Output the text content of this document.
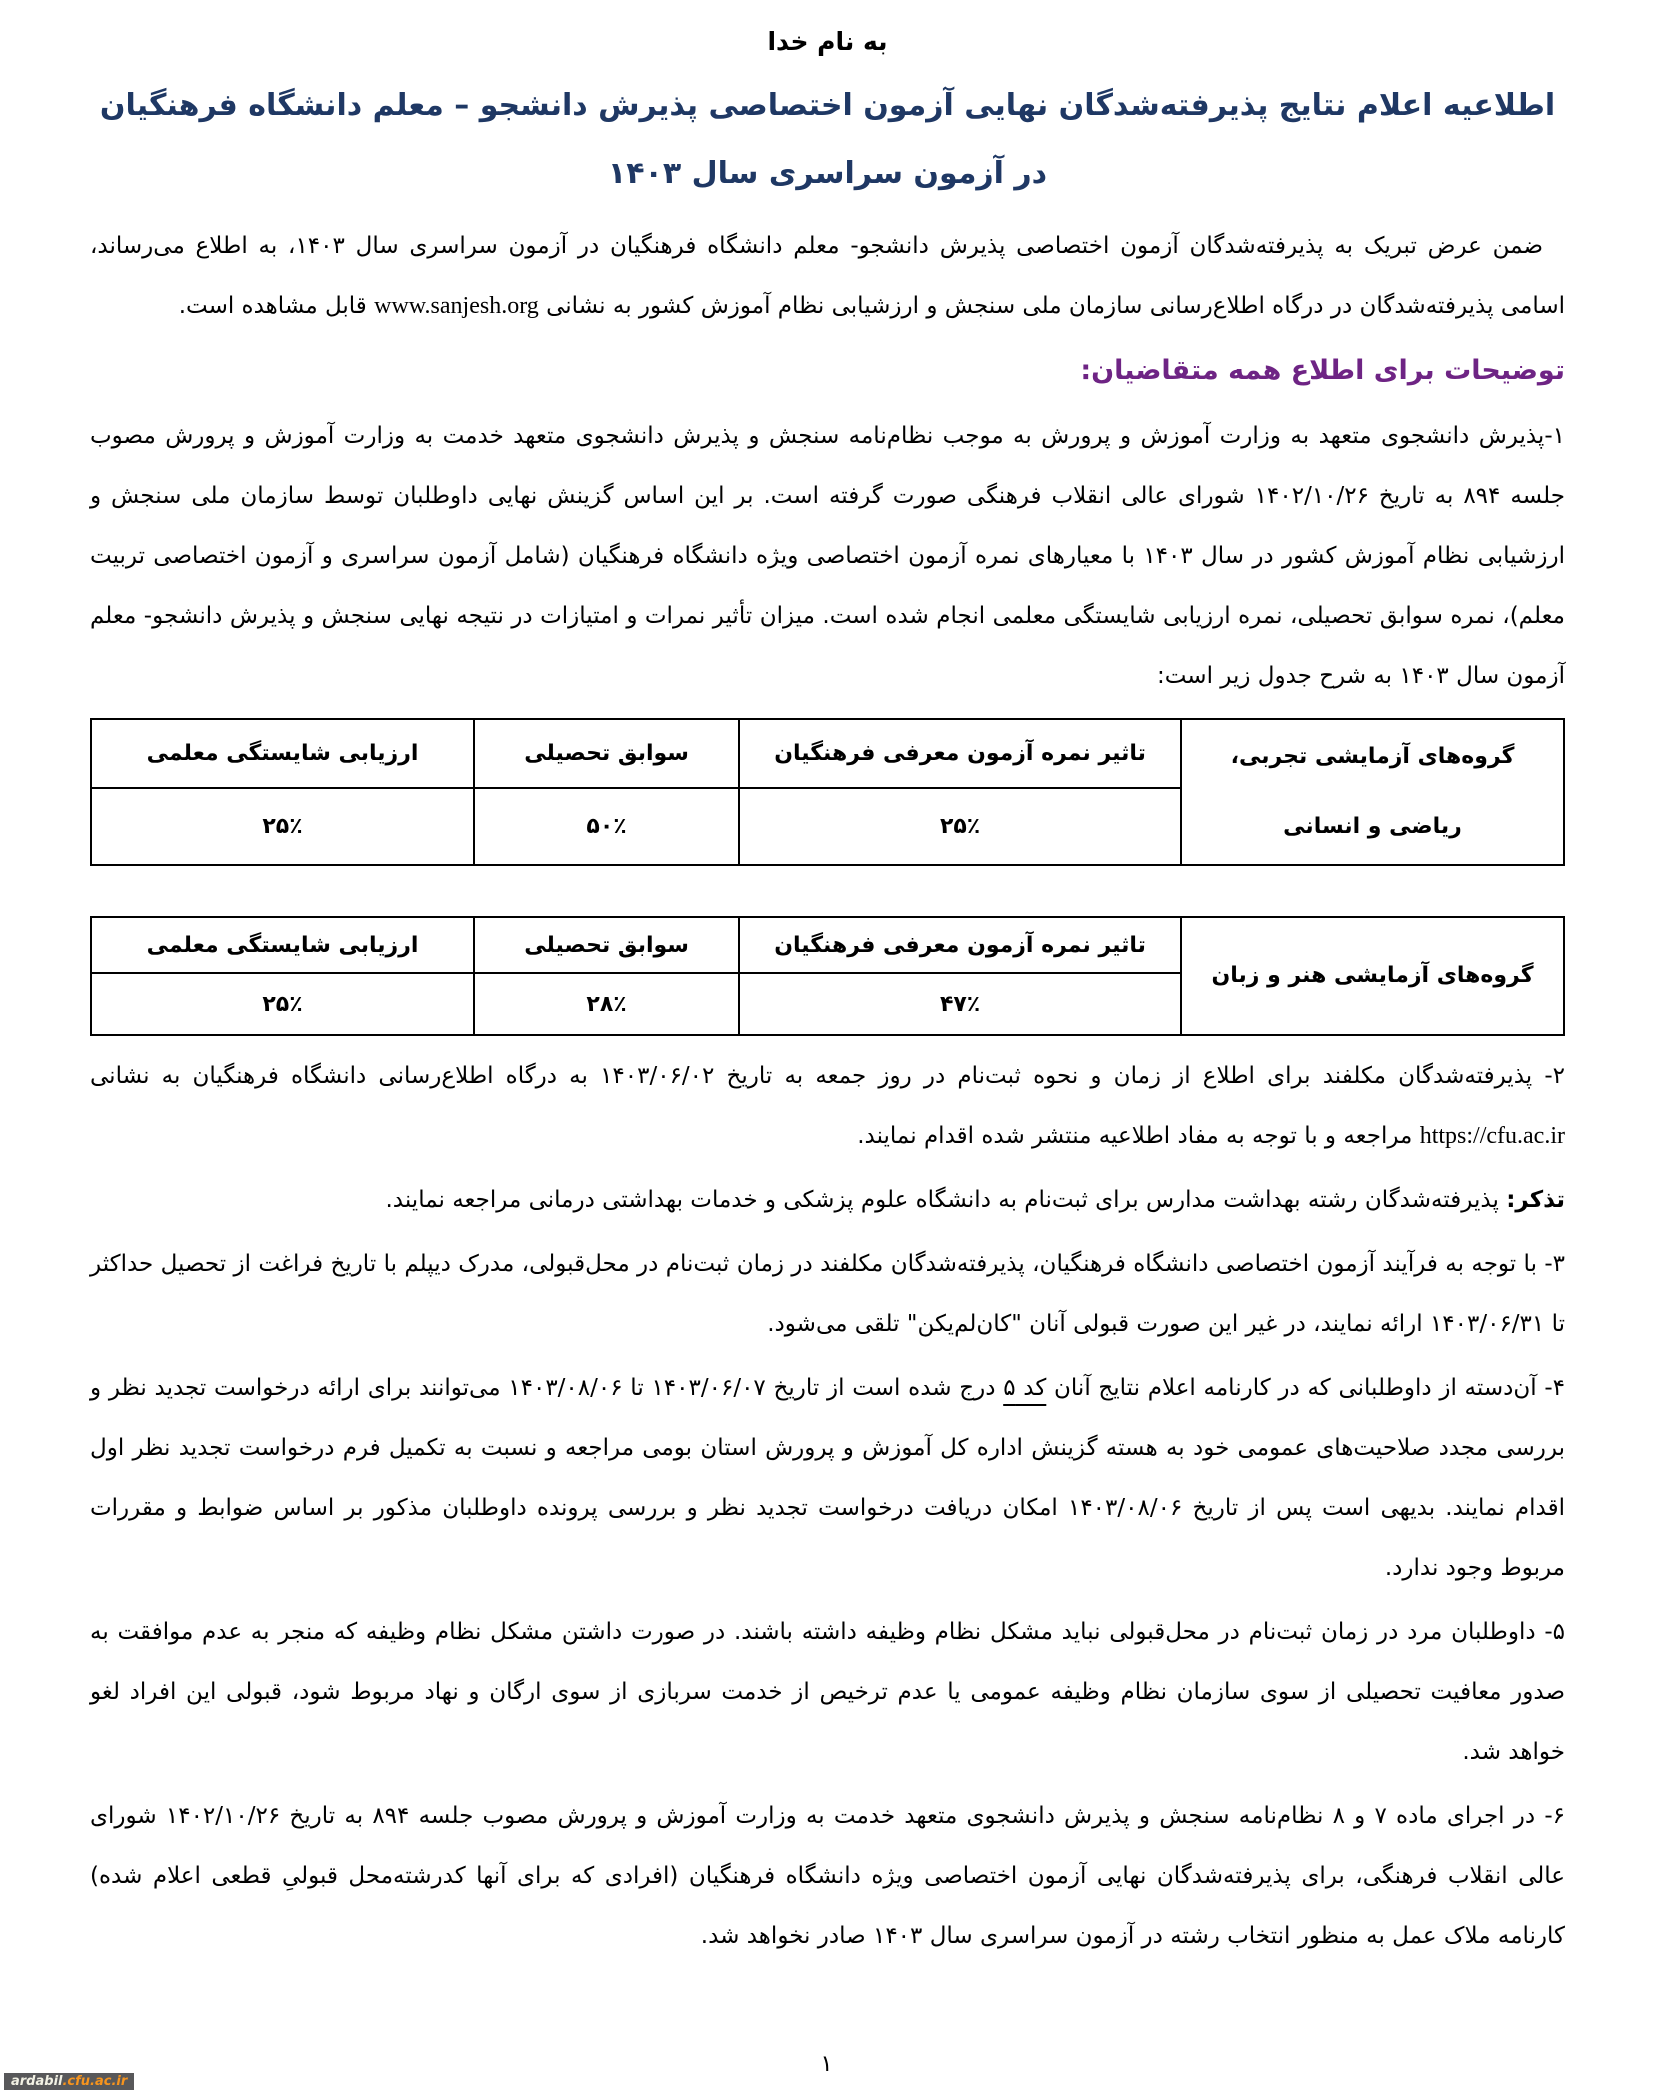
به نام خدا
اطلاعیه اعلام نتایج پذیرفته‌شدگان نهایی آزمون اختصاصی پذیرش دانشجو – معلم دانشگاه فرهنگیان
در آزمون سراسری سال ۱۴۰۳

ضمن عرض تبریک به پذیرفته‌شدگان آزمون اختصاصی پذیرش دانشجو- معلم دانشگاه فرهنگیان در آزمون سراسری سال ۱۴۰۳، به اطلاع می‌رساند، اسامی پذیرفته‌شدگان در درگاه اطلاع‌رسانی سازمان ملی سنجش و ارزشیابی نظام آموزش کشور به نشانی www.sanjesh.org قابل مشاهده است.

توضیحات برای اطلاع همه متقاضیان:

۱-پذیرش دانشجوی متعهد به وزارت آموزش و پرورش به موجب نظام‌نامه سنجش و پذیرش دانشجوی متعهد خدمت به وزارت آموزش و پرورش مصوب جلسه ۸۹۴ به تاریخ ۱۴۰۲/۱۰/۲۶ شورای عالی انقلاب فرهنگی صورت گرفته است. بر این اساس گزینش نهایی داوطلبان توسط سازمان ملی سنجش و ارزشیابی نظام آموزش کشور در سال ۱۴۰۳ با معیارهای نمره آزمون اختصاصی ویژه دانشگاه فرهنگیان (شامل آزمون سراسری و آزمون اختصاصی تربیت معلم)، نمره سوابق تحصیلی، نمره ارزیابی شایستگی معلمی انجام شده است. میزان تأثیر نمرات و امتیازات در نتیجه نهایی سنجش و پذیرش دانشجو- معلم آزمون سال ۱۴۰۳ به شرح جدول زیر است:

گروه‌های آزمایشی تجربی، ریاضی و انسانی	تاثیر نمره آزمون معرفی فرهنگیان	سوابق تحصیلی	ارزیابی شایستگی معلمی
	۲۵٪	۵۰٪	۲۵٪
گروه‌های آزمایشی هنر و زبان	تاثیر نمره آزمون معرفی فرهنگیان	سوابق تحصیلی	ارزیابی شایستگی معلمی
	۴۷٪	۲۸٪	۲۵٪

۲- پذیرفته‌شدگان مکلفند برای اطلاع از زمان و نحوه ثبت‌نام در روز جمعه به تاریخ ۱۴۰۳/۰۶/۰۲ به درگاه اطلاع‌رسانی دانشگاه فرهنگیان به نشانی https://cfu.ac.ir مراجعه و با توجه به مفاد اطلاعیه منتشر شده اقدام نمایند.

تذکر: پذیرفته‌شدگان رشته بهداشت مدارس برای ثبت‌نام به دانشگاه علوم پزشکی و خدمات بهداشتی درمانی مراجعه نمایند.

۳- با توجه به فرآیند آزمون اختصاصی دانشگاه فرهنگیان، پذیرفته‌شدگان مکلفند در زمان ثبت‌نام در محل‌قبولی، مدرک دیپلم با تاریخ فراغت از تحصیل حداکثر تا ۱۴۰۳/۰۶/۳۱ ارائه نمایند، در غیر این صورت قبولی آنان "کان‌لم‌یکن" تلقی می‌شود.

۴- آن‌دسته از داوطلبانی که در کارنامه اعلام نتایج آنان کد ۵ درج شده است از تاریخ ۱۴۰۳/۰۶/۰۷ تا ۱۴۰۳/۰۸/۰۶ می‌توانند برای ارائه درخواست تجدید نظر و بررسی مجدد صلاحیت‌های عمومی خود به هسته گزینش اداره کل آموزش و پرورش استان بومی مراجعه و نسبت به تکمیل فرم درخواست تجدید نظر اول اقدام نمایند. بدیهی است پس از تاریخ ۱۴۰۳/۰۸/۰۶ امکان دریافت درخواست تجدید نظر و بررسی پرونده داوطلبان مذکور بر اساس ضوابط و مقررات مربوط وجود ندارد.

۵- داوطلبان مرد در زمان ثبت‌نام در محل‌قبولی نباید مشکل نظام وظیفه داشته باشند. در صورت داشتن مشکل نظام وظیفه که منجر به عدم موافقت به صدور معافیت تحصیلی از سوی سازمان نظام وظیفه عمومی یا عدم ترخیص از خدمت سربازی از سوی ارگان و نهاد مربوط شود، قبولی این افراد لغو خواهد شد.

۶- در اجرای ماده ۷ و ۸ نظام‌نامه سنجش و پذیرش دانشجوی متعهد خدمت به وزارت آموزش و پرورش مصوب جلسه ۸۹۴ به تاریخ ۱۴۰۲/۱۰/۲۶ شورای عالی انقلاب فرهنگی، برای پذیرفته‌شدگان نهایی آزمون اختصاصی ویژه دانشگاه فرهنگیان (افرادی که برای آنها کدرشته‌محل قبولیِ قطعی اعلام شده) کارنامه ملاک عمل به منظور انتخاب رشته در آزمون سراسری سال ۱۴۰۳ صادر نخواهد شد.

۱
ardabil.cfu.ac.ir
